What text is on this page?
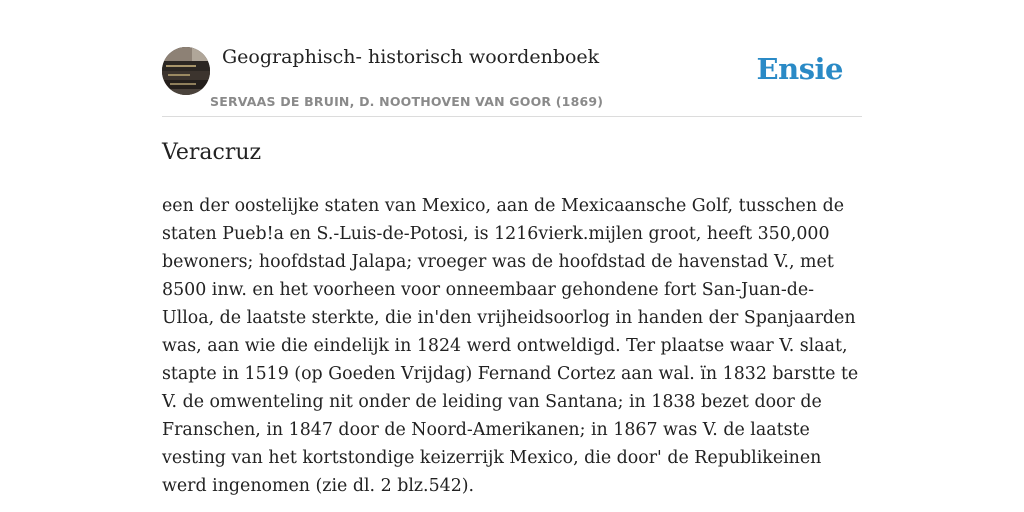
Geographisch- historisch woordenboek
SERVAAS DE BRUIN, D. NOOTHOVEN VAN GOOR (1869)
Ensie
Veracruz

een der oostelijke staten van Mexico, aan de Mexicaansche Golf, tusschen de staten Pueb!a en S.-Luis-de-Potosi, is 1216vierk.mijlen groot, heeft 350,000 bewoners; hoofdstad Jalapa; vroeger was de hoofdstad de havenstad V., met 8500 inw. en het voorheen voor onneembaar gehondene fort San-Juan-de-Ulloa, de laatste sterkte, die in'den vrijheidsoorlog in handen der Spanjaarden was, aan wie die eindelijk in 1824 werd ontweldigd. Ter plaatse waar V. slaat, stapte in 1519 (op Goeden Vrijdag) Fernand Cortez aan wal. ïn 1832 barstte te V. de omwenteling nit onder de leiding van Santana; in 1838 bezet door de Franschen, in 1847 door de Noord-Amerikanen; in 1867 was V. de laatste vesting van het kortstondige keizerrijk Mexico, die door' de Republikeinen werd ingenomen (zie dl. 2 blz.542).
